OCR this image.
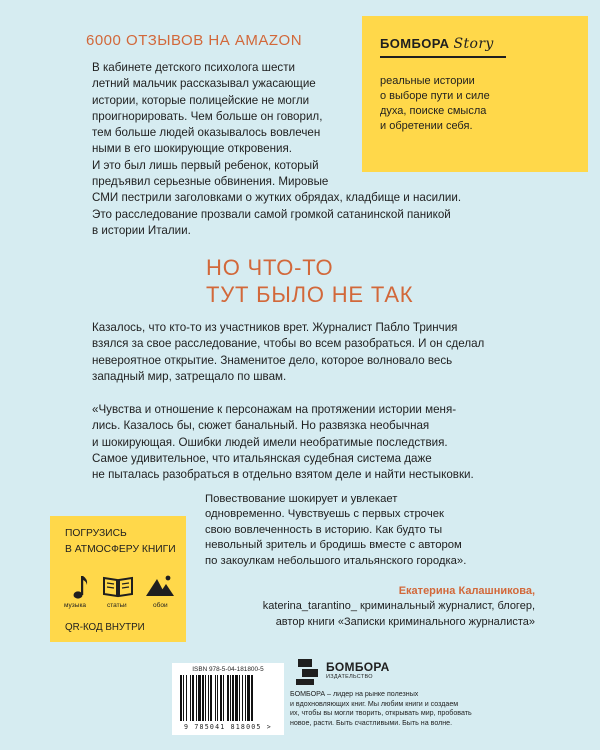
6000 ОТЗЫВОВ НА AMAZON
В кабинете детского психолога шести
летний мальчик рассказывал ужасающие
истории, которые полицейские не могли
проигнорировать. Чем больше он говорил,
тем больше людей оказывалось вовлечен
ными в его шокирующие откровения.
И это был лишь первый ребенок, который
предъявил серьезные обвинения. Мировые
СМИ пестрили заголовками о жутких обрядах, кладбище и насилии.
Это расследование прозвали самой громкой сатанинской паникой
в истории Италии.
БОМБОРА Story
реальные истории
о выборе пути и силе
духа, поиске смысла
и обретении себя.
НО ЧТО-ТО
ТУТ БЫЛО НЕ ТАК
Казалось, что кто-то из участников врет. Журналист Пабло Тринчия
взялся за свое расследование, чтобы во всем разобраться. И он сделал
невероятное открытие. Знаменитое дело, которое волновало весь
западный мир, затрещало по швам.
«Чувства и отношение к персонажам на протяжении истории меня-
лись. Казалось бы, сюжет банальный. Но развязка необычная
и шокирующая. Ошибки людей имели необратимые последствия.
Самое удивительное, что итальянская судебная система даже
не пыталась разобраться в отдельно взятом деле и найти нестыковки.
ПОГРУЗИСЬ
В АТМОСФЕРУ КНИГИ
музыка	статьи	обои
QR-КОД ВНУТРИ
Повествование шокирует и увлекает
одновременно. Чувствуешь с первых строчек
свою вовлеченность в историю. Как будто ты
невольный зритель и бродишь вместе с автором
по закоулкам небольшого итальянского городка».
Екатерина Калашникова,
katerina_tarantino_ криминальный журналист, блогер,
автор книги «Записки криминального журналиста»
ISBN 978-5-04-181800-5
9 785041 818005 >
БОМБОРА
ИЗДАТЕЛЬСТВО
БОМБОРА – лидер на рынке полезных
и вдохновляющих книг. Мы любим книги и создаем
их, чтобы вы могли творить, открывать мир, пробовать
новое, расти. Быть счастливыми. Быть на волне.
